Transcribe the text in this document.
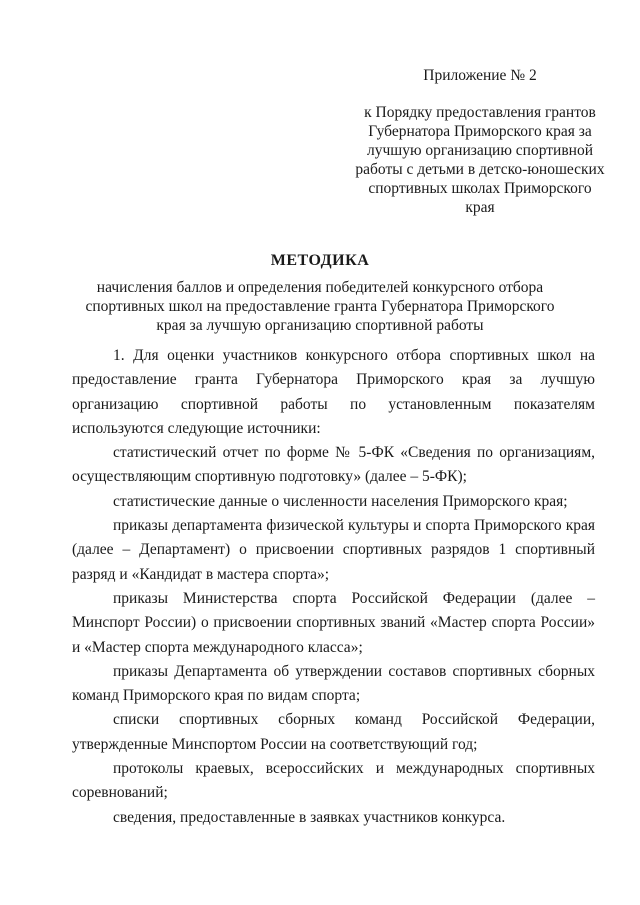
Приложение № 2

к Порядку предоставления грантов Губернатора Приморского края за лучшую организацию спортивной работы с детьми в детско-юношеских спортивных школах Приморского края

МЕТОДИКА
начисления баллов и определения победителей конкурсного отбора спортивных школ на предоставление гранта Губернатора Приморского края за лучшую организацию спортивной работы

1. Для оценки участников конкурсного отбора спортивных школ на предоставление гранта Губернатора Приморского края за лучшую организацию спортивной работы по установленным показателям используются следующие источники:

статистический отчет по форме № 5-ФК «Сведения по организациям, осуществляющим спортивную подготовку» (далее – 5-ФК);

статистические данные о численности населения Приморского края;

приказы департамента физической культуры и спорта Приморского края (далее – Департамент) о присвоении спортивных разрядов 1 спортивный разряд и «Кандидат в мастера спорта»;

приказы Министерства спорта Российской Федерации (далее – Минспорт России) о присвоении спортивных званий «Мастер спорта России» и «Мастер спорта международного класса»;

приказы Департамента об утверждении составов спортивных сборных команд Приморского края по видам спорта;

списки спортивных сборных команд Российской Федерации, утвержденные Минспортом России на соответствующий год;

протоколы краевых, всероссийских и международных спортивных соревнований;

сведения, предоставленные в заявках участников конкурса.
